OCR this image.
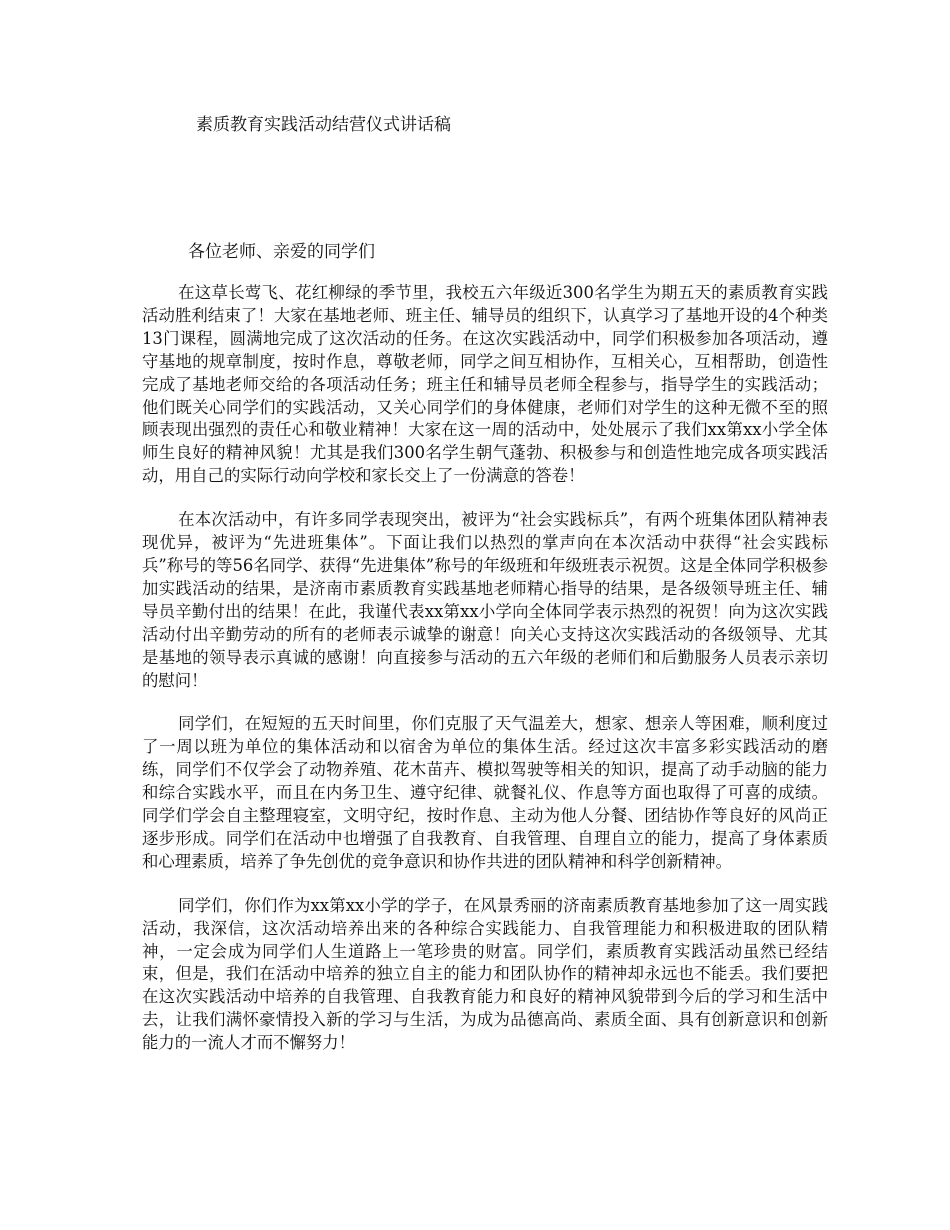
素质教育实践活动结营仪式讲话稿

各位老师、亲爱的同学们

在这草长莺飞、花红柳绿的季节里，我校五六年级近300名学生为期五天的素质教育实践活动胜利结束了！大家在基地老师、班主任、辅导员的组织下，认真学习了基地开设的4个种类13门课程，圆满地完成了这次活动的任务。在这次实践活动中，同学们积极参加各项活动，遵守基地的规章制度，按时作息，尊敬老师，同学之间互相协作，互相关心，互相帮助，创造性完成了基地老师交给的各项活动任务；班主任和辅导员老师全程参与，指导学生的实践活动；他们既关心同学们的实践活动，又关心同学们的身体健康，老师们对学生的这种无微不至的照顾表现出强烈的责任心和敬业精神！大家在这一周的活动中，处处展示了我们xx第xx小学全体师生良好的精神风貌！尤其是我们300名学生朝气蓬勃、积极参与和创造性地完成各项实践活动，用自己的实际行动向学校和家长交上了一份满意的答卷！

在本次活动中，有许多同学表现突出，被评为“社会实践标兵”，有两个班集体团队精神表现优异，被评为“先进班集体”。下面让我们以热烈的掌声向在本次活动中获得“社会实践标兵”称号的等56名同学、获得“先进集体”称号的年级班和年级班表示祝贺。这是全体同学积极参加实践活动的结果，是济南市素质教育实践基地老师精心指导的结果，是各级领导班主任、辅导员辛勤付出的结果！在此，我谨代表xx第xx小学向全体同学表示热烈的祝贺！向为这次实践活动付出辛勤劳动的所有的老师表示诚挚的谢意！向关心支持这次实践活动的各级领导、尤其是基地的领导表示真诚的感谢！向直接参与活动的五六年级的老师们和后勤服务人员表示亲切的慰问！

同学们，在短短的五天时间里，你们克服了天气温差大，想家、想亲人等困难，顺利度过了一周以班为单位的集体活动和以宿舍为单位的集体生活。经过这次丰富多彩实践活动的磨练，同学们不仅学会了动物养殖、花木苗卉、模拟驾驶等相关的知识，提高了动手动脑的能力和综合实践水平，而且在内务卫生、遵守纪律、就餐礼仪、作息等方面也取得了可喜的成绩。同学们学会自主整理寝室，文明守纪，按时作息、主动为他人分餐、团结协作等良好的风尚正逐步形成。同学们在活动中也增强了自我教育、自我管理、自理自立的能力，提高了身体素质和心理素质，培养了争先创优的竞争意识和协作共进的团队精神和科学创新精神。

同学们，你们作为xx第xx小学的学子，在风景秀丽的济南素质教育基地参加了这一周实践活动，我深信，这次活动培养出来的各种综合实践能力、自我管理能力和积极进取的团队精神，一定会成为同学们人生道路上一笔珍贵的财富。同学们，素质教育实践活动虽然已经结束，但是，我们在活动中培养的独立自主的能力和团队协作的精神却永远也不能丢。我们要把在这次实践活动中培养的自我管理、自我教育能力和良好的精神风貌带到今后的学习和生活中去，让我们满怀豪情投入新的学习与生活，为成为品德高尚、素质全面、具有创新意识和创新能力的一流人才而不懈努力！
